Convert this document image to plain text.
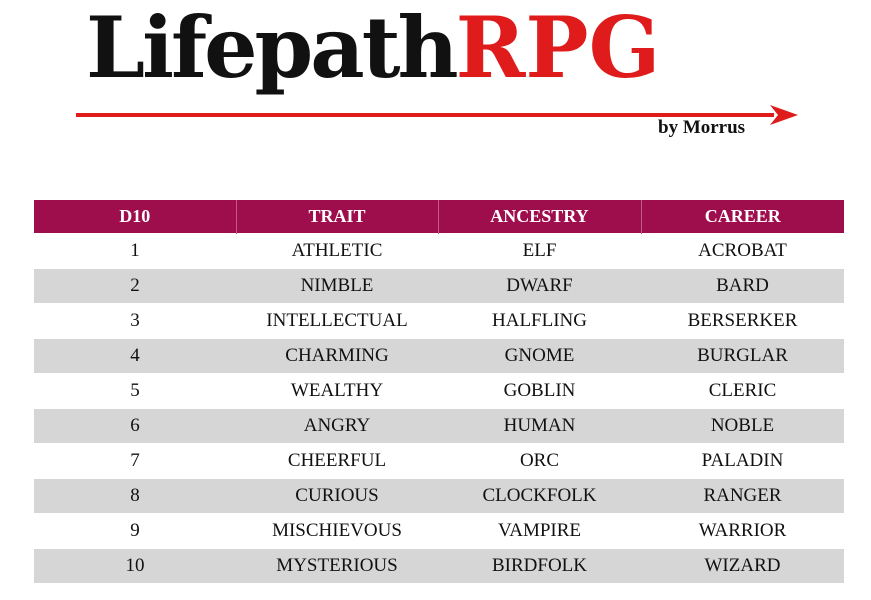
LifepathRPG
by Morrus
D10	TRAIT	ANCESTRY	CAREER
1	ATHLETIC	ELF	ACROBAT
2	NIMBLE	DWARF	BARD
3	INTELLECTUAL	HALFLING	BERSERKER
4	CHARMING	GNOME	BURGLAR
5	WEALTHY	GOBLIN	CLERIC
6	ANGRY	HUMAN	NOBLE
7	CHEERFUL	ORC	PALADIN
8	CURIOUS	CLOCKFOLK	RANGER
9	MISCHIEVOUS	VAMPIRE	WARRIOR
10	MYSTERIOUS	BIRDFOLK	WIZARD
